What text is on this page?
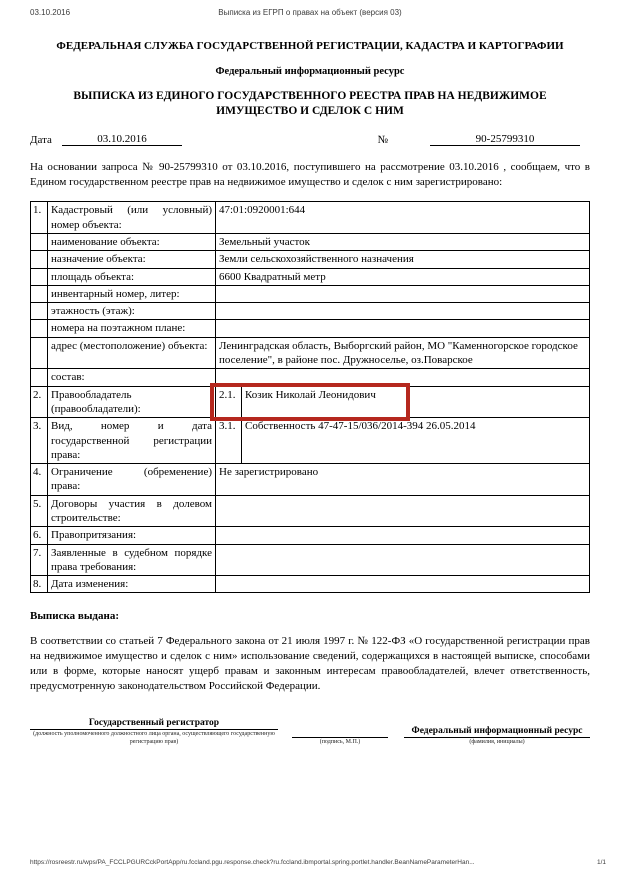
03.10.2016	Выписка из ЕГРП о правах на объект (версия 03)
ФЕДЕРАЛЬНАЯ СЛУЖБА ГОСУДАРСТВЕННОЙ РЕГИСТРАЦИИ, КАДАСТРА И КАРТОГРАФИИ
Федеральный информационный ресурс
ВЫПИСКА ИЗ ЕДИНОГО ГОСУДАРСТВЕННОГО РЕЕСТРА ПРАВ НА НЕДВИЖИМОЕ ИМУЩЕСТВО И СДЕЛОК С НИМ
Дата	03.10.2016	№	90-25799310
На основании запроса № 90-25799310 от 03.10.2016, поступившего на рассмотрение 03.10.2016 , сообщаем, что в Едином государственном реестре прав на недвижимое имущество и сделок с ним зарегистрировано:
1. Кадастровый (или условный) номер объекта:
47:01:0920001:644
наименование объекта:	Земельный участок
назначение объекта:	Земли сельскохозяйственного назначения
площадь объекта:	6600 Квадратный метр
инвентарный номер, литер:
этажность (этаж):
номера на поэтажном плане:
адрес (местоположение) объекта:	Ленинградская область, Выборгский район, МО "Каменногорское городское поселение", в районе пос. Дружноселье, оз.Поварское
состав:
2. Правообладатель (правообладатели):
2.1. Козик Николай Леонидович
3. Вид, номер и дата государственной регистрации права:
3.1. Собственность 47-47-15/036/2014-394 26.05.2014
4. Ограничение (обременение) права:
Не зарегистрировано
5. Договоры участия в долевом строительстве:
6. Правопритязания:
7. Заявленные в судебном порядке права требования:
8. Дата изменения:
Выписка выдана:
В соответствии со статьей 7 Федерального закона от 21 июля 1997 г. № 122-ФЗ «О государственной регистрации прав на недвижимое имущество и сделок с ним» использование сведений, содержащихся в настоящей выписке, способами или в форме, которые наносят ущерб правам и законным интересам правообладателей, влечет ответственность, предусмотренную законодательством Российской Федерации.
Государственный регистратор
(должность уполномоченного должностного лица органа, осуществляющего государственную регистрацию прав)	(подпись, М.П.)
Федеральный информационный ресурс
(фамилия, инициалы)
https://rosreestr.ru/wps/PA_FCCLPGURCckPortApp/ru.fccland.pgu.response.check?ru.fccland.ibmportal.spring.portlet.handler.BeanNameParameterHan...	1/1
